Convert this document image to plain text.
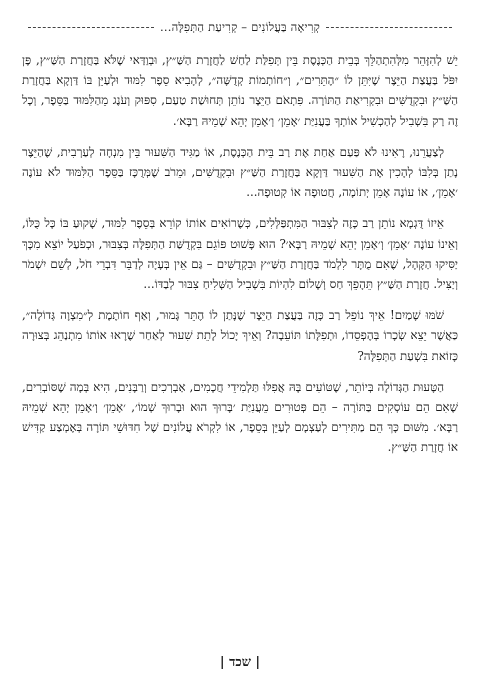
קְרִיאָה בַּעֲלוֹנִים – קְרִיעַת הַתְּפִלָּה...

יֵשׁ לְהִזָּהֵר מִלְּהִתְהַלֵּךְ בְּבֵית הַכְּנֶסֶת בֵּין תְּפִלַּת לַחַשׁ לַחֲזָרַת הַשַּׁ״ץ, וּבְוַדַּאי שֶׁלֹּא בַּחֲזָרַת הַשַּׁ״ץ, פֶּן יִפֹּל בַּעֲצַת הַיֵּצֶר שֶׁיִּתֵּן לוֹ ״הֶתֵּרִים״, וְ״חוֹתְמוֹת קְדֻשָּׁה״, לְהָבִיא סֵפֶר לִמּוּד וּלְעַיֵּן בּוֹ דַּוְקָא בַּחֲזָרַת הַשַּׁ״ץ וּבִקְדֻשִּׁים וּבִקְרִיאַת הַתּוֹרָה. פִּתְאֹם הַיֵּצֶר נוֹתֵן תְּחוּשַׁת טַעַם, סִפּוּק וְעֹנֶג מֵהַלִּמּוּד בַּסֵּפֶר, וְכָל זֶה רַק בִּשְׁבִיל לְהַכְשִׁיל אוֹתְךָ בַּעֲנִיַּת ׳אָמֵן׳ וְ׳אָמֵן יְהֵא שְׁמֵיהּ רַבָּא׳.

לְצַעֲרֵנוּ, רָאִינוּ לֹא פַּעַם אַחַת אֶת רַב בֵּית הַכְּנֶסֶת, אוֹ מַגִּיד הַשִּׁעוּר בֵּין מִנְחָה לְעַרְבִית, שֶׁהַיֵּצֶר נָתַן בְּלִבּוֹ לְהָכִין אֶת הַשִּׁעוּר דַּוְקָא בַּחֲזָרַת הַשַּׁ״ץ וּבִקְדֻשִּׁים, וּמֵרֹב שֶׁמְּרֻכָּז בַּסֵּפֶר הַלִּמּוּד לֹא עוֹנֶה ׳אָמֵן׳, אוֹ עוֹנֶה אָמֵן יְתוֹמָה, חֲטוּפָה אוֹ קְטוּפָה...

אֵיזוֹ דֻּגְמָא נוֹתֵן רַב כָּזֶה לְצִבּוּר הַמִּתְפַּלְּלִים, כְּשֶׁרוֹאִים אוֹתוֹ קוֹרֵא בְּסֵפֶר לִמּוּד, שָׁקוּעַ בּוֹ כָּל כֻּלּוֹ, וְאֵינוֹ עוֹנֶה ׳אָמֵן׳ וְ׳אָמֵן יְהֵא שְׁמֵיהּ רַבָּא׳? הוּא פָּשׁוּט פּוֹגֵם בִּקְדֻשַּׁת הַתְּפִלָּה בְּצִבּוּר, וּכְפֹעַל יוֹצֵא מִכָּךְ יַסִּיקוּ הַקָּהָל, שֶׁאִם מֻתָּר לִלְמֹד בַּחֲזָרַת הַשַּׁ״ץ וּבִקְדֻשִּׁים – גַּם אֵין בְּעָיָה לְדַבֵּר דִּבְרֵי חֹל, לְשֵׁם יִשְׁמֹר וְיַצִּיל. חֲזָרַת הַשַּׁ״ץ תֵּהָפֵךְ חַס וְשָׁלוֹם לִהְיוֹת בִּשְׁבִיל הַשְּׁלִיחַ צִבּוּר לְבַדּוֹ...

שֹׁמּוּ שָׁמַיִם! אֵיךְ נוֹפֵל רַב כָּזֶה בַּעֲצַת הַיֵּצֶר שֶׁנָּתַן לוֹ הֶתֵּר גָּמוּר, וְאַף חוֹתֶמֶת לְ״מִצְוָה גְּדוֹלָה״, כַּאֲשֶׁר יֵצֵא שְׂכָרוֹ בְּהֶפְסֵדוֹ, וּתְפִלָּתוֹ תּוֹעֵבָה? וְאֵיךְ יָכוֹל לָתֵת שִׁעוּר לְאַחַר שֶׁרָאוּ אוֹתוֹ מִתְנַהֵג בְּצוּרָה כָּזוֹאת בִּשְׁעַת הַתְּפִלָּה?

הַטָּעוּת הַגְּדוֹלָה בְּיוֹתֵר, שֶׁטּוֹעִים בָּהּ אֲפִלּוּ תַּלְמִידֵי חֲכָמִים, אַבְרְכִים וְרַבָּנִים, הִיא בְּמָה שֶׁסּוֹבְרִים, שֶׁאִם הֵם עוֹסְקִים בַּתּוֹרָה – הֵם פְּטוּרִים מֵעֲנִיַּת ׳בָּרוּךְ הוּא וּבָרוּךְ שְׁמוֹ׳, ׳אָמֵן׳ וְ׳אָמֵן יְהֵא שְׁמֵיהּ רַבָּא׳. מִשּׁוּם כָּךְ הֵם מַתִּירִים לְעַצְמָם לְעַיֵּן בְּסֵפֶר, אוֹ לִקְרֹא עֲלוֹנִים שֶׁל חִדּוּשֵׁי תּוֹרָה בְּאֶמְצַע קַדִּישׁ אוֹ חֲזָרַת הַשַּׁ״ץ.

| שכד |
